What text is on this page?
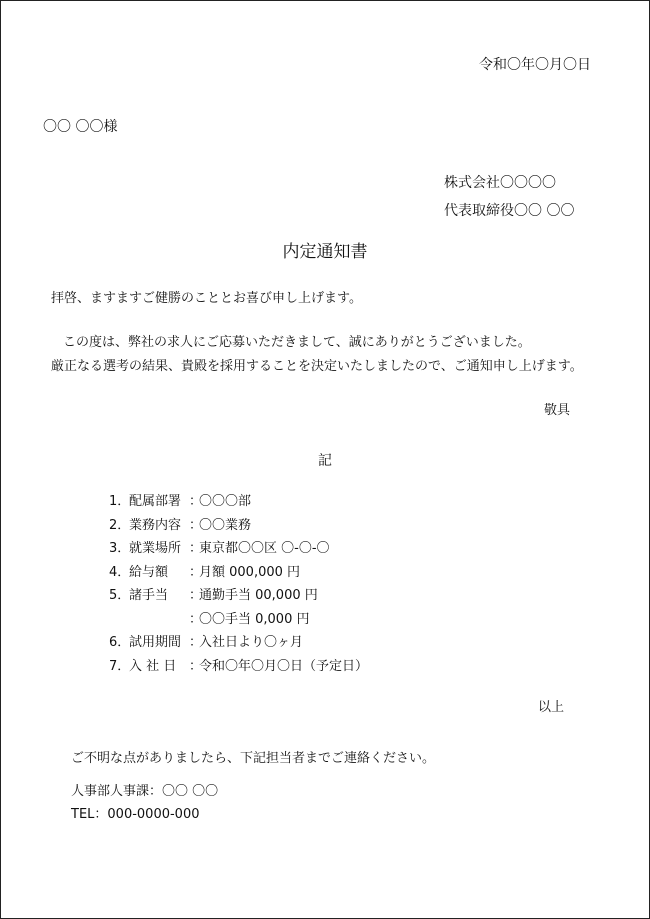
令和〇年〇月〇日
〇〇 〇〇様
株式会社〇〇〇〇
代表取締役〇〇 〇〇
内定通知書
拝啓、ますますご健勝のこととお喜び申し上げます。
この度は、弊社の求人にご応募いただきまして、誠にありがとうございました。
厳正なる選考の結果、貴殿を採用することを決定いたしましたので、ご通知申し上げます。
敬具
記
1．
配属部署 ：
〇〇〇部
2．
業務内容 ：
〇〇業務
3．
就業場所 ：
東京都〇〇区 〇-〇-〇
4．
給与額	：
月額 000,000 円
5．
諸手当	：
通勤手当 00,000 円
：
〇〇手当 0,000 円
6．
試用期間 ：
入社日より〇ヶ月
7．
入 社 日 ：
令和〇年〇月〇日（予定日）
以上
ご不明な点がありましたら、下記担当者までご連絡ください。
人事部人事課：〇〇 〇〇
TEL：000-0000-000
